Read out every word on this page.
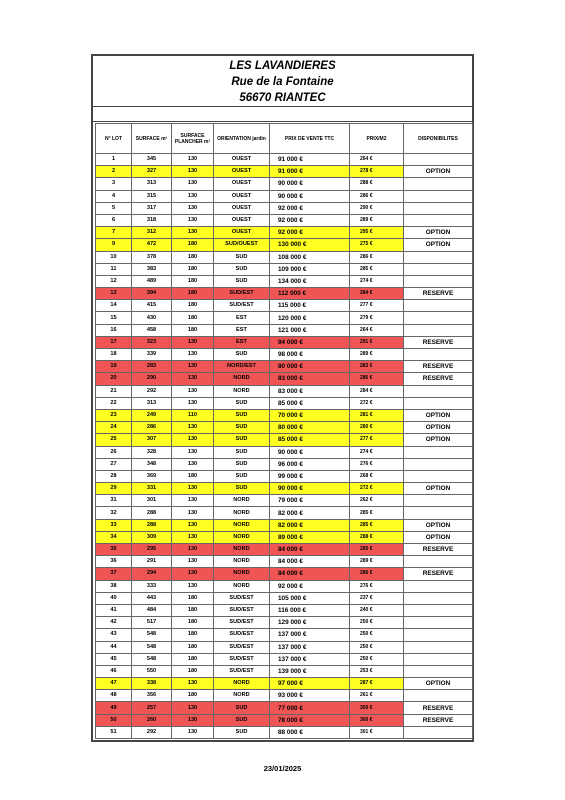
LES LAVANDIERES
Rue de la Fontaine
56670 RIANTEC
N° LOT	SURFACE m²	SURFACE PLANCHER m²	ORIENTATION jardin	PRIX DE VENTE TTC	PRIX/M2	DISPONIBILITES
1	345	130	OUEST	91 000 €	264 €	
2	327	130	OUEST	91 000 €	278 €	OPTION
3	313	130	OUEST	90 000 €	288 €	
4	315	130	OUEST	90 000 €	286 €	
5	317	130	OUEST	92 000 €	290 €	
6	318	130	OUEST	92 000 €	289 €	
7	312	130	OUEST	92 000 €	295 €	OPTION
9	472	180	SUD/OUEST	130 000 €	275 €	OPTION
10	378	180	SUD	108 000 €	286 €	
11	383	180	SUD	109 000 €	285 €	
12	489	180	SUD	134 000 €	274 €	
13	394	180	SUD/EST	112 000 €	284 €	RESERVE
14	415	180	SUD/EST	115 000 €	277 €	
15	430	180	EST	120 000 €	279 €	
16	458	180	EST	121 000 €	264 €	
17	323	130	EST	94 000 €	291 €	RESERVE
18	339	130	SUD	98 000 €	289 €	
19	283	130	NORD/EST	80 000 €	283 €	RESERVE
20	290	130	NORD	83 000 €	286 €	RESERVE
21	292	130	NORD	83 000 €	284 €	
22	313	130	SUD	85 000 €	272 €	
23	249	110	SUD	70 000 €	281 €	OPTION
24	286	130	SUD	80 000 €	280 €	OPTION
25	307	130	SUD	85 000 €	277 €	OPTION
26	328	130	SUD	90 000 €	274 €	
27	348	130	SUD	96 000 €	276 €	
28	369	180	SUD	99 000 €	268 €	
29	331	130	SUD	90 000 €	272 €	OPTION
31	301	130	NORD	79 000 €	262 €	
32	288	130	NORD	82 000 €	285 €	
33	288	130	NORD	82 000 €	285 €	OPTION
34	309	130	NORD	89 000 €	288 €	OPTION
35	295	130	NORD	84 000 €	285 €	RESERVE
36	291	130	NORD	84 000 €	289 €	
37	294	130	NORD	84 000 €	286 €	RESERVE
38	333	130	NORD	92 000 €	276 €	
40	443	180	SUD/EST	105 000 €	237 €	
41	484	180	SUD/EST	116 000 €	240 €	
42	517	180	SUD/EST	129 000 €	250 €	
43	548	180	SUD/EST	137 000 €	250 €	
44	548	180	SUD/EST	137 000 €	250 €	
45	548	180	SUD/EST	137 000 €	250 €	
46	550	180	SUD/EST	139 000 €	253 €	
47	338	130	NORD	97 000 €	287 €	OPTION
48	356	180	NORD	93 000 €	261 €	
49	257	130	SUD	77 000 €	300 €	RESERVE
50	260	130	SUD	78 000 €	300 €	RESERVE
51	292	130	SUD	88 000 €	301 €	
23/01/2025
